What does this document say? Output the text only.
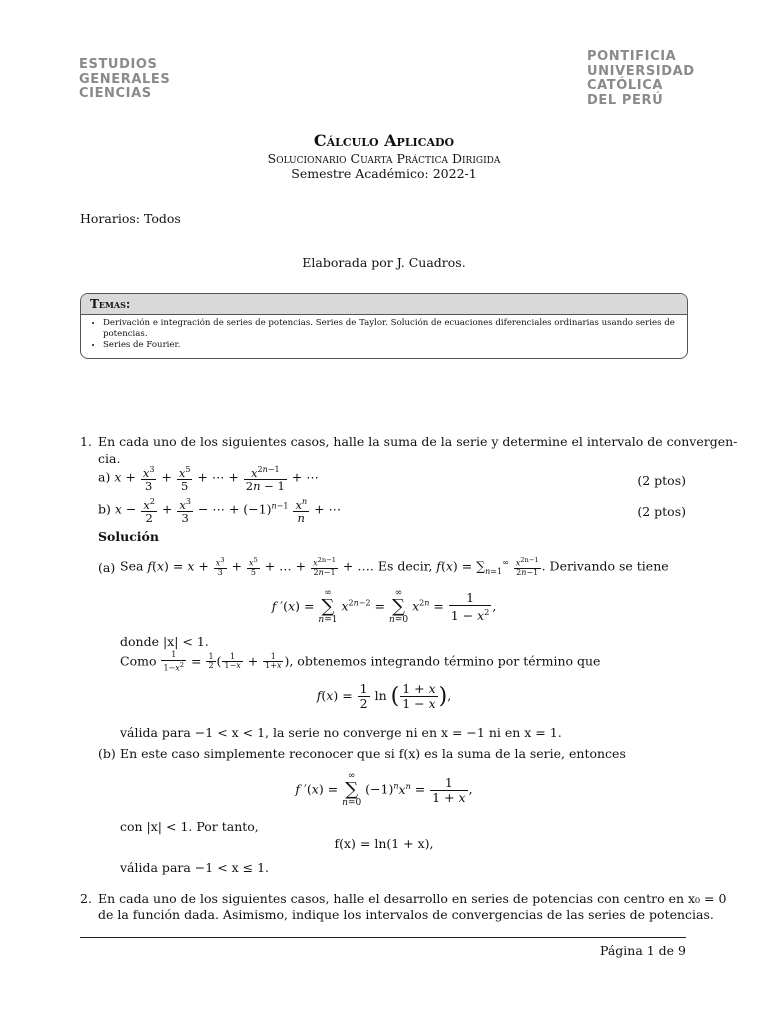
ESTUDIOS
GENERALES
CIENCIAS
PONTIFICIA
UNIVERSIDAD
CATÓLICA
DEL PERÚ
Cálculo Aplicado
Solucionario Cuarta Práctica Dirigida
Semestre Académico: 2022-1
Horarios: Todos
Elaborada por J. Cuadros.
Temas:
• Derivación e integración de series de potencias. Series de Taylor. Solución de ecuaciones diferenciales ordinarias usando series de potencias.
• Series de Fourier.
1. En cada uno de los siguientes casos, halle la suma de la serie y determine el intervalo de convergen-
cia.
a) $x + \frac{x^3}{3} + \frac{x^5}{5}$ + ⋯ + $\frac{x^{2n-1}}{2n - 1}$ + ⋯	(2 ptos)
b) $x - \frac{x^2}{2} + \frac{x^3}{3}$ − ⋯ + $(-1)^{n-1} \frac{x^n}{n}$ + ⋯	(2 ptos)
Solución
(a) Sea $f(x) = x + \frac{x^3}{3} + \frac{x^5}{5}$ + … + $\frac{x^{2n-1}}{2n-1}$ + …. Es decir, $f(x) = \sum_{n=1}^\infty \frac{x^{2n-1}}{2n-1}$ . Derivando se tiene
f ′(x) = ∞
∑
n=1 $x^{2n-2}$ = ∞
∑
n=0 $x^{2n} = \frac{1}{1 - x^2}$ ,
donde |x| < 1.
Como $\frac{1}{1-x^2} = \frac{1}{2}$ ( $\frac{1}{1-x} + \frac{1}{1+x}$ ), obtenemos integrando término por término que
$f(x) = \frac{1}{2}$ ln ( $\frac{1 + x}{1 - x}$ ),
válida para −1 < x < 1, la serie no converge ni en x = −1 ni en x = 1.
(b) En este caso simplemente reconocer que si f(x) es la suma de la serie, entonces
f ′(x) = ∞
∑
n=0 $(-1)^nx^n = \frac{1}{1 + x}$ ,
con |x| < 1. Por tanto,
f(x) = ln(1 + x),
válida para −1 < x ≤ 1.
2. En cada uno de los siguientes casos, halle el desarrollo en series de potencias con centro en x₀ = 0
de la función dada. Asimismo, indique los intervalos de convergencias de las series de potencias.
Página 1 de 9
